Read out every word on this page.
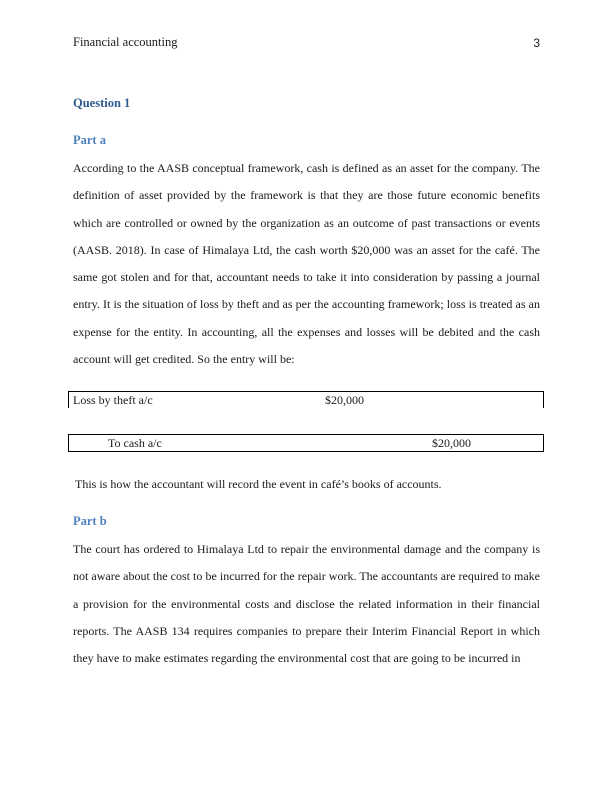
Financial accounting	3
Question 1
Part a

According to the AASB conceptual framework, cash is defined as an asset for the company. The definition of asset provided by the framework is that they are those future economic benefits which are controlled or owned by the organization as an outcome of past transactions or events (AASB. 2018). In case of Himalaya Ltd, the cash worth $20,000 was an asset for the café. The same got stolen and for that, accountant needs to take it into consideration by passing a journal entry. It is the situation of loss by theft and as per the accounting framework; loss is treated as an expense for the entity. In accounting, all the expenses and losses will be debited and the cash account will get credited. So the entry will be:

Loss by theft a/c	$20,000
To cash a/c	$20,000

This is how the accountant will record the event in café’s books of accounts.

Part b

The court has ordered to Himalaya Ltd to repair the environmental damage and the company is not aware about the cost to be incurred for the repair work. The accountants are required to make a provision for the environmental costs and disclose the related information in their financial reports. The AASB 134 requires companies to prepare their Interim Financial Report in which they have to make estimates regarding the environmental cost that are going to be incurred in
